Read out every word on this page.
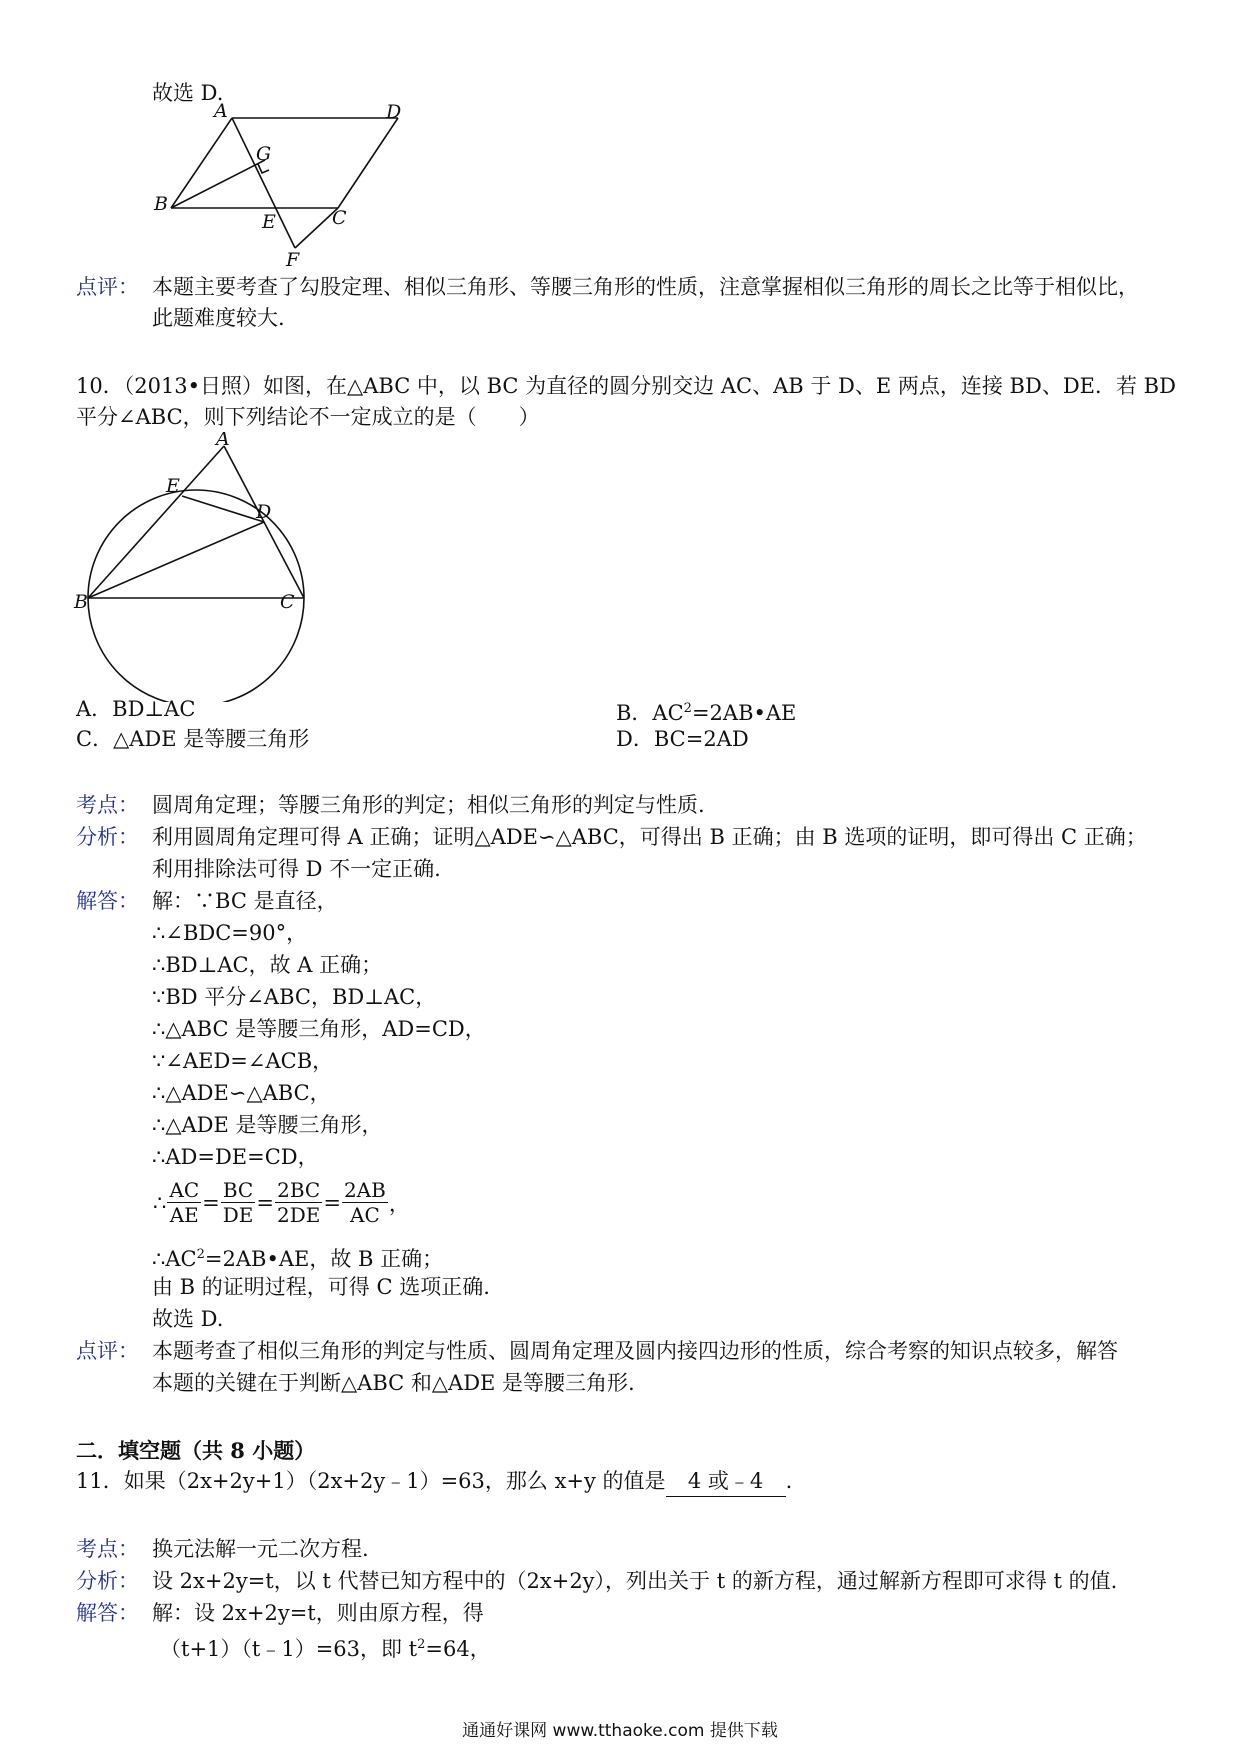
故选 D.
A	D
G
B
C
E
F
点评： 本题主要考查了勾股定理、相似三角形、等腰三角形的性质，注意掌握相似三角形的周长之比等于相似比，
此题难度较大.
10．（2013•日照）如图，在△ABC 中，以 BC 为直径的圆分别交边 AC、AB 于 D、E 两点，连接 BD、DE．若 BD
平分∠ABC，则下列结论不一定成立的是（　　）
A
E
D
B	C
A．BD⊥AC	B．$AC^2=2AB•AE$
C．△ADE 是等腰三角形	D．BC=2AD
考点： 圆周角定理；等腰三角形的判定；相似三角形的判定与性质.
分析： 利用圆周角定理可得 A 正确；证明△ADE∽△ABC，可得出 B 正确；由 B 选项的证明，即可得出 C 正确；
利用排除法可得 D 不一定正确.
解答： 解：∵BC 是直径，
∴∠BDC=90°，
∴BD⊥AC，故 A 正确；
∵BD 平分∠ABC，BD⊥AC，
∴△ABC 是等腰三角形，AD=CD，
∵∠AED=∠ACB，
∴△ADE∽△ABC，
∴△ADE 是等腰三角形，
∴AD=DE=CD，
∴ $\frac{AC}{AE} = \frac{BC}{DE} = \frac{2BC}{2DE} = \frac{2AB}{AC}$ ，
$\therefore AC^2=2AB•AE$，故 B 正确；
由 B 的证明过程，可得 C 选项正确.
故选 D.
点评： 本题考查了相似三角形的判定与性质、圆周角定理及圆内接四边形的性质，综合考察的知识点较多，解答
本题的关键在于判断△ABC 和△ADE 是等腰三角形.
二．填空题（共 8 小题）
11．如果（2x+2y+1）（2x+2y﹣1）=63，那么 x+y 的值是 4 或﹣4 .
考点： 换元法解一元二次方程.
分析： 设 2x+2y=t，以 t 代替已知方程中的（2x+2y），列出关于 t 的新方程，通过解新方程即可求得 t 的值.
解答： 解：设 2x+2y=t，则由原方程，得
（t+1）（t﹣1）=63，即 $t^2=64$，
通通好课网 www.tthaoke.com 提供下载
